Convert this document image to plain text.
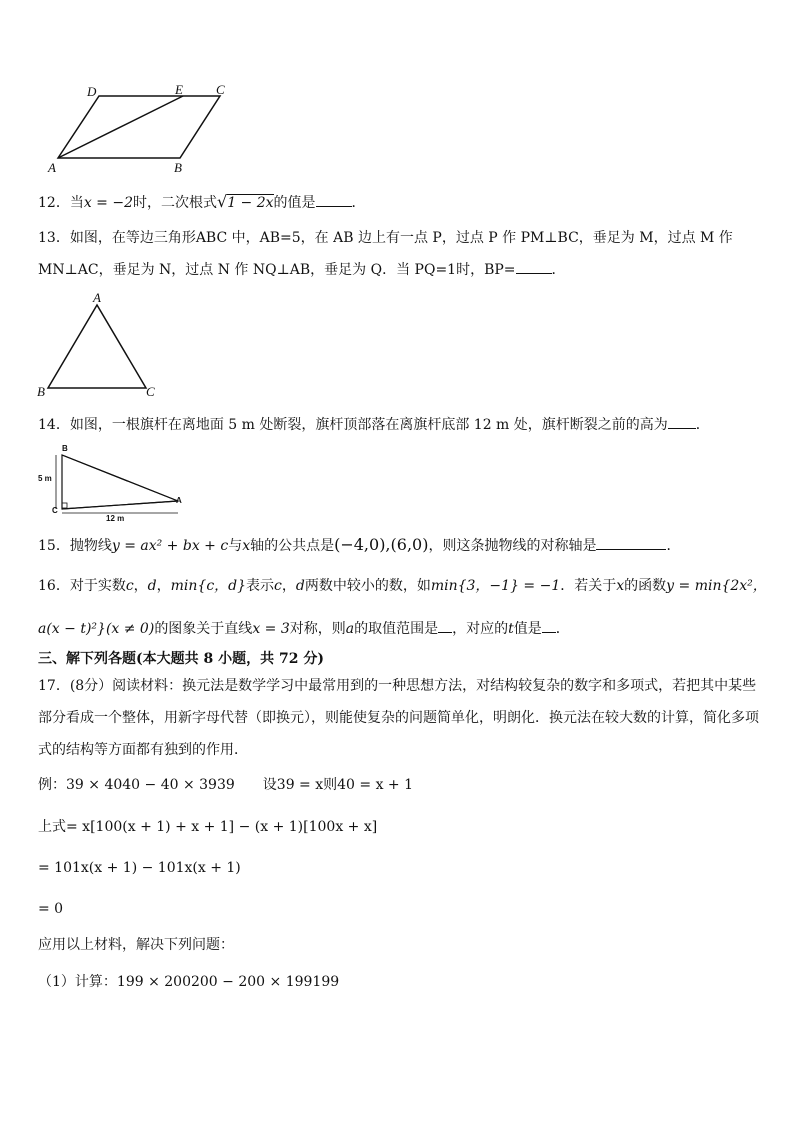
D	E	C
A	B
12．当x = −2时，二次根式√1 − 2x的值是	．
13．如图，在等边三角形ABC 中，AB=5，在 AB 边上有一点 P，过点 P 作 PM⊥BC，垂足为 M，过点 M 作
MN⊥AC，垂足为 N，过点 N 作 NQ⊥AB，垂足为 Q．当 PQ=1时，BP=	．
A
B	C
14．如图，一根旗杆在离地面 5 m 处断裂，旗杆顶部落在离旗杆底部 12 m 处，旗杆断裂之前的高为 ．
B
C
A
5 m
12 m
15．抛物线y = ax² + bx + c与x轴的公共点是(−4,0),(6,0)，则这条抛物线的对称轴是	．
16．对于实数c，d，min{c，d}表示c，d两数中较小的数，如min{3，−1} = −1．若关于x的函数y = min{2x²，
a(x − t)²}(x ≠ 0)的图象关于直线x = 3对称，则a的取值范围是 ，对应的t值是 ．
三、解下列各题(本大题共 8 小题，共 72 分)
17．(8分）阅读材料：换元法是数学学习中最常用到的一种思想方法，对结构较复杂的数字和多项式，若把其中某些
部分看成一个整体，用新字母代替（即换元），则能使复杂的问题简单化，明朗化．换元法在较大数的计算，简化多项
式的结构等方面都有独到的作用．
例：39 × 4040 − 40 × 3939 设39 = x则40 = x + 1
上式= x[100(x + 1) + x + 1] − (x + 1)[100x + x]
= 101x(x + 1) − 101x(x + 1)
= 0
应用以上材料，解决下列问题：
（1）计算：199 × 200200 − 200 × 199199
